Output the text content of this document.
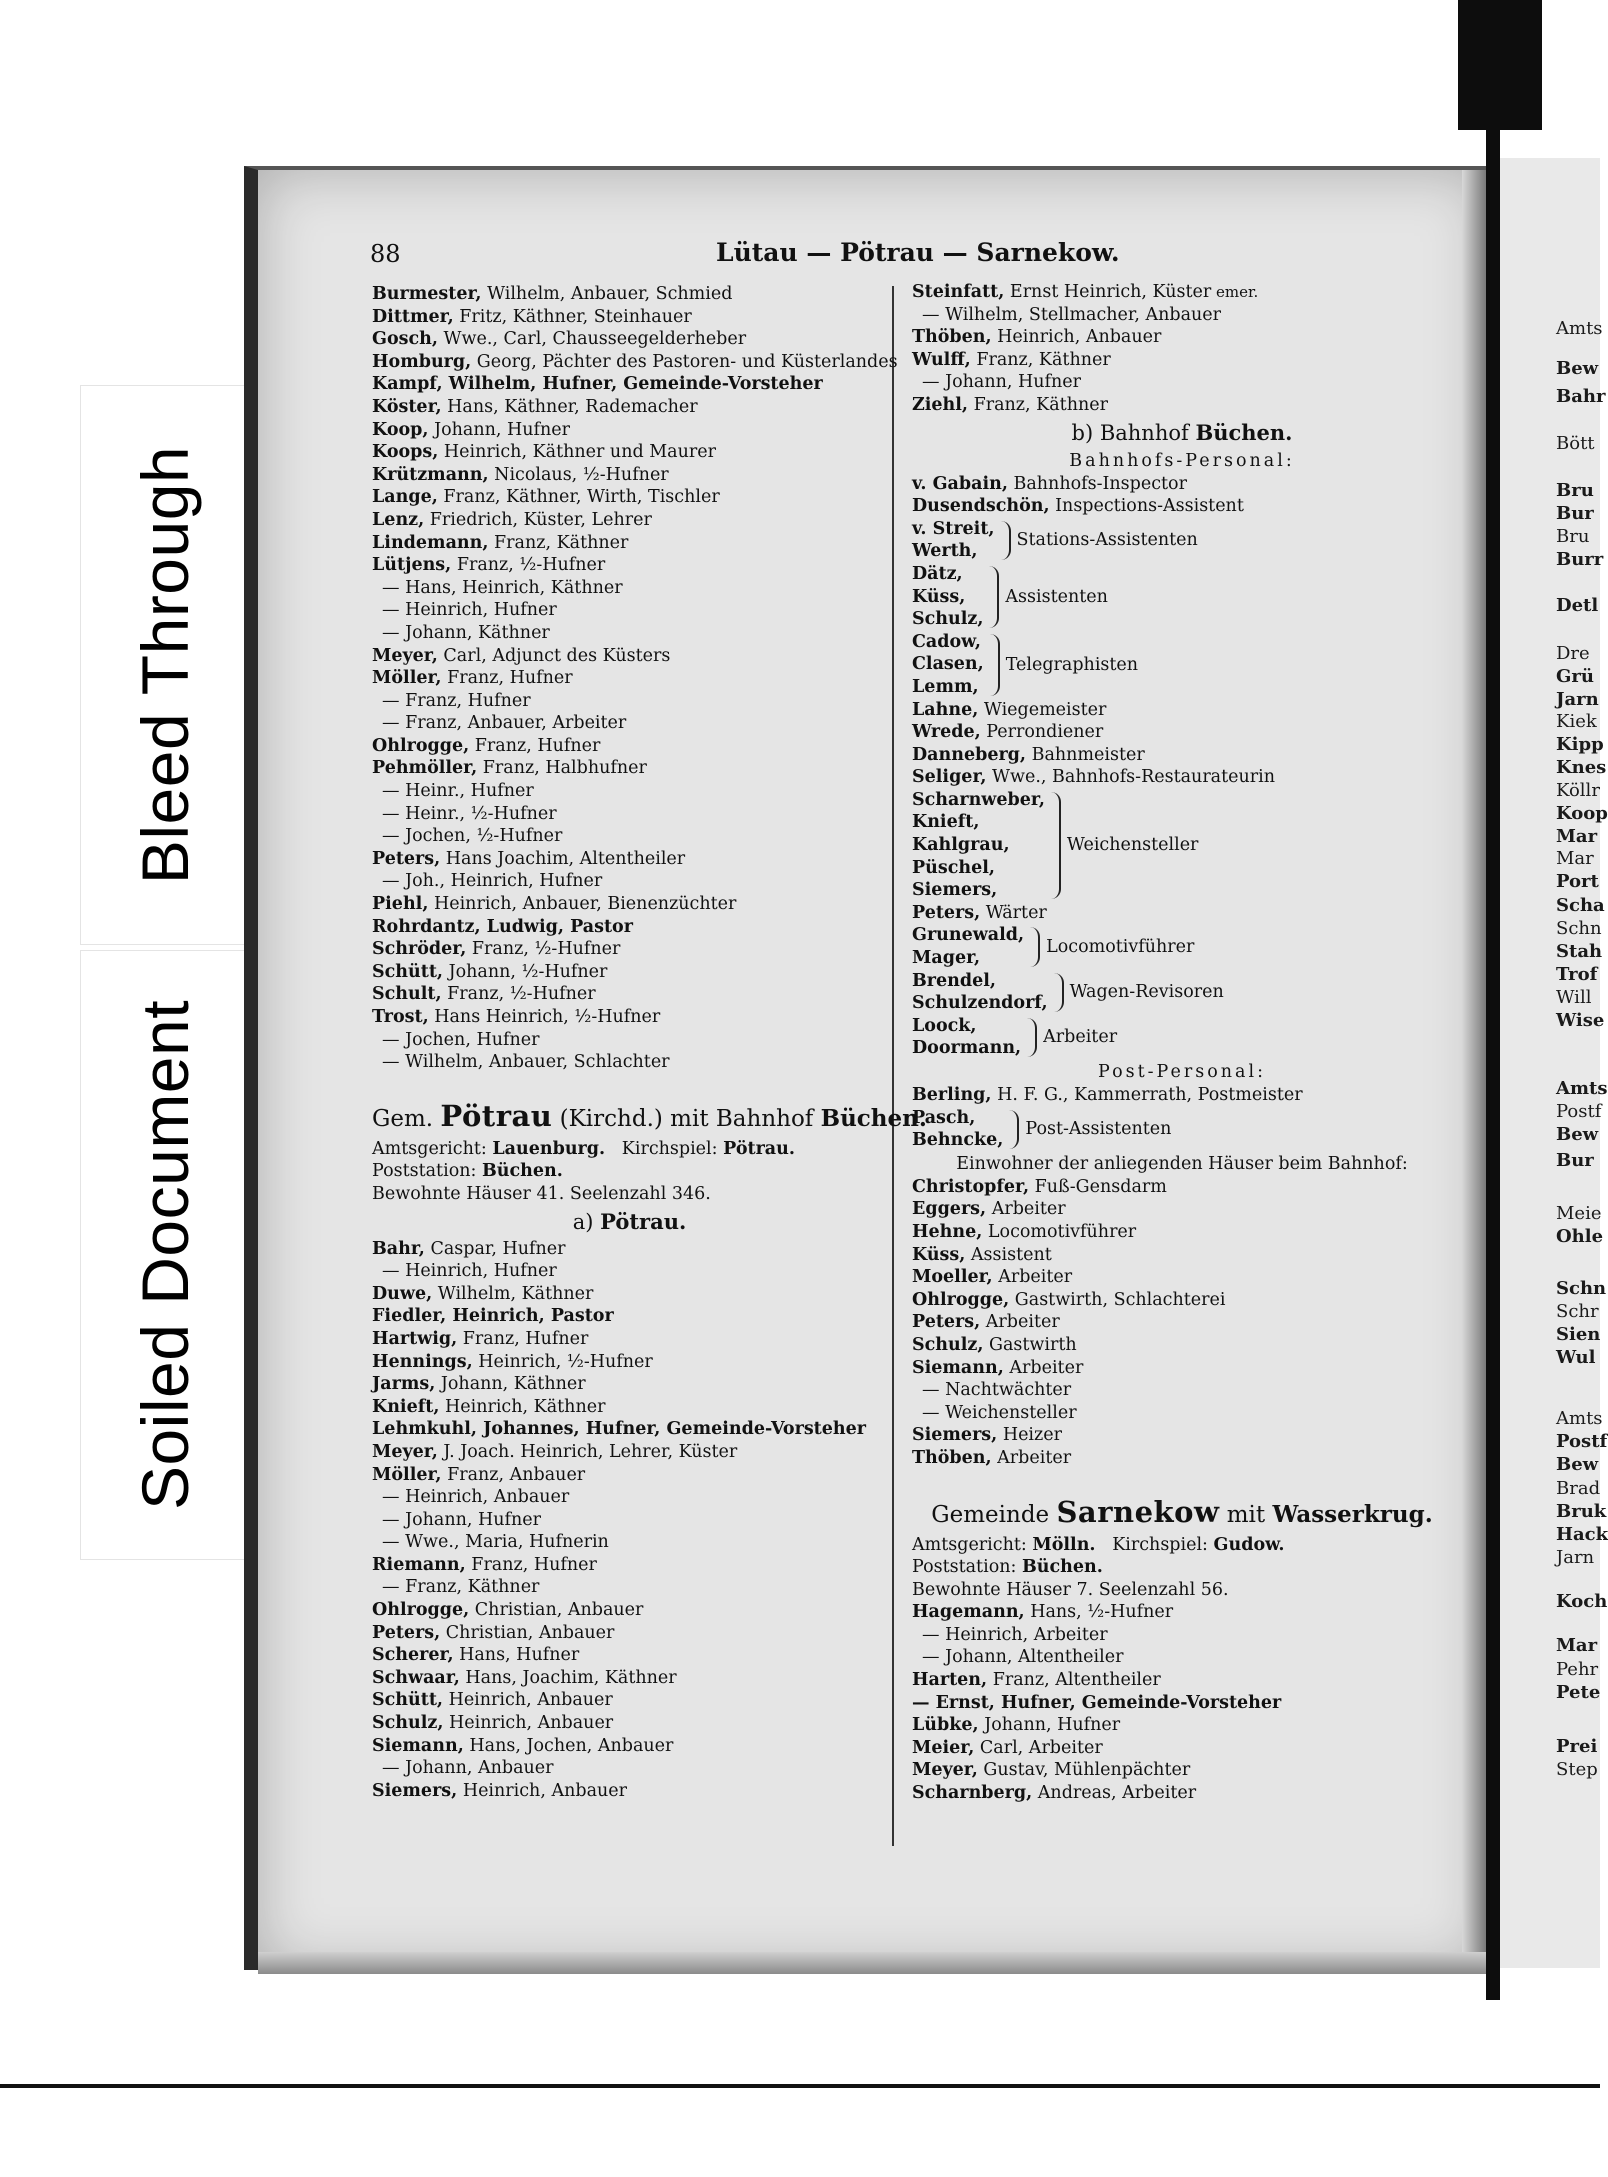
Bleed Through
Soiled Document
Amts
Bew
Bahr
Bött
Bru
Bur
Bru
Burr
Detl
Dre
Grü
Jarn
Kiek
Kipp
Knes
Köllr
Koop
Mar
Mar
Port
Scha
Schn
Stah
Trof
Will
Wise
Amts
Postf
Bew
Bur
Meie
Ohle
Schn
Schr
Sien
Wul
Amts
Postf
Bew
Brad
Bruk
Hack
Jarn
Koch
Mar
Pehr
Pete
Prei
Step
88	Lütau — Pötrau — Sarnekow.
Burmester, Wilhelm, Anbauer, Schmied
Dittmer, Fritz, Käthner, Steinhauer
Gosch, Wwe., Carl, Chausseegelderheber
Homburg, Georg, Pächter des Pastoren- und Küsterlandes
Kampf, Wilhelm, Hufner, Gemeinde-Vorsteher
Köster, Hans, Käthner, Rademacher
Koop, Johann, Hufner
Koops, Heinrich, Käthner und Maurer
Krützmann, Nicolaus, ½-Hufner
Lange, Franz, Käthner, Wirth, Tischler
Lenz, Friedrich, Küster, Lehrer
Lindemann, Franz, Käthner
Lütjens, Franz, ½-Hufner
— Hans, Heinrich, Käthner
— Heinrich, Hufner
— Johann, Käthner
Meyer, Carl, Adjunct des Küsters
Möller, Franz, Hufner
— Franz, Hufner
— Franz, Anbauer, Arbeiter
Ohlrogge, Franz, Hufner
Pehmöller, Franz, Halbhufner
— Heinr., Hufner
— Heinr., ½-Hufner
— Jochen, ½-Hufner
Peters, Hans Joachim, Altentheiler
— Joh., Heinrich, Hufner
Piehl, Heinrich, Anbauer, Bienenzüchter
Rohrdantz, Ludwig, Pastor
Schröder, Franz, ½-Hufner
Schütt, Johann, ½-Hufner
Schult, Franz, ½-Hufner
Trost, Hans Heinrich, ½-Hufner
— Jochen, Hufner
— Wilhelm, Anbauer, Schlachter
Gem. Pötrau (Kirchd.) mit Bahnhof Büchen.
Amtsgericht: Lauenburg. Kirchspiel: Pötrau.
Poststation: Büchen.
Bewohnte Häuser 41. Seelenzahl 346.
a) Pötrau.
Bahr, Caspar, Hufner
— Heinrich, Hufner
Duwe, Wilhelm, Käthner
Fiedler, Heinrich, Pastor
Hartwig, Franz, Hufner
Hennings, Heinrich, ½-Hufner
Jarms, Johann, Käthner
Knieft, Heinrich, Käthner
Lehmkuhl, Johannes, Hufner, Gemeinde-Vorsteher
Meyer, J. Joach. Heinrich, Lehrer, Küster
Möller, Franz, Anbauer
— Heinrich, Anbauer
— Johann, Hufner
— Wwe., Maria, Hufnerin
Riemann, Franz, Hufner
— Franz, Käthner
Ohlrogge, Christian, Anbauer
Peters, Christian, Anbauer
Scherer, Hans, Hufner
Schwaar, Hans, Joachim, Käthner
Schütt, Heinrich, Anbauer
Schulz, Heinrich, Anbauer
Siemann, Hans, Jochen, Anbauer
— Johann, Anbauer
Siemers, Heinrich, Anbauer
Steinfatt, Ernst Heinrich, Küster emer.
— Wilhelm, Stellmacher, Anbauer
Thöben, Heinrich, Anbauer
Wulff, Franz, Käthner
— Johann, Hufner
Ziehl, Franz, Käthner
b) Bahnhof Büchen.
Bahnhofs-Personal:
v. Gabain, Bahnhofs-Inspector
Dusendschön, Inspections-Assistent
v. Streit,
Werth,
Stations-Assistenten
Dätz,
Küss,
Schulz,
Assistenten
Cadow,
Clasen,
Lemm,
Telegraphisten
Lahne, Wiegemeister
Wrede, Perrondiener
Danneberg, Bahnmeister
Seliger, Wwe., Bahnhofs-Restaurateurin
Scharnweber,
Knieft,
Kahlgrau,
Püschel,
Siemers,
Weichensteller
Peters, Wärter
Grunewald,
Mager,
Locomotivführer
Brendel,
Schulzendorf,
Wagen-Revisoren
Loock,
Doormann,
Arbeiter
Post-Personal:
Berling, H. F. G., Kammerrath, Postmeister
Pasch,
Behncke,
Post-Assistenten
Einwohner der anliegenden Häuser beim Bahnhof:
Christopfer, Fuß-Gensdarm
Eggers, Arbeiter
Hehne, Locomotivführer
Küss, Assistent
Moeller, Arbeiter
Ohlrogge, Gastwirth, Schlachterei
Peters, Arbeiter
Schulz, Gastwirth
Siemann, Arbeiter
— Nachtwächter
— Weichensteller
Siemers, Heizer
Thöben, Arbeiter
Gemeinde Sarnekow mit Wasserkrug.
Amtsgericht: Mölln. Kirchspiel: Gudow.
Poststation: Büchen.
Bewohnte Häuser 7. Seelenzahl 56.
Hagemann, Hans, ½-Hufner
— Heinrich, Arbeiter
— Johann, Altentheiler
Harten, Franz, Altentheiler
— Ernst, Hufner, Gemeinde-Vorsteher
Lübke, Johann, Hufner
Meier, Carl, Arbeiter
Meyer, Gustav, Mühlenpächter
Scharnberg, Andreas, Arbeiter
